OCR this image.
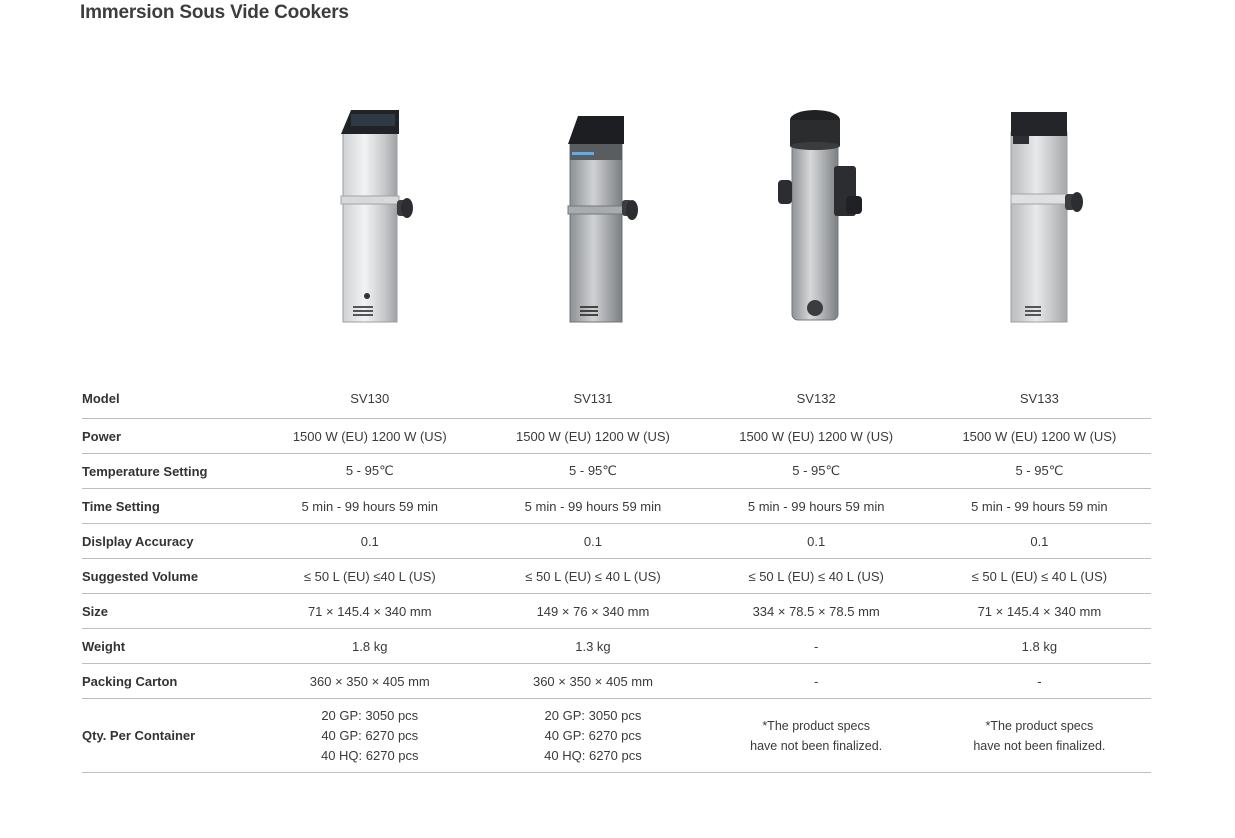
Immersion Sous Vide Cookers
Model	SV130	SV131	SV132	SV133
Power	1500 W (EU) 1200 W (US)	1500 W (EU) 1200 W (US)	1500 W (EU) 1200 W (US)	1500 W (EU) 1200 W (US)
Temperature Setting	5 - 95℃	5 - 95℃	5 - 95℃	5 - 95℃
Time Setting	5 min - 99 hours 59 min	5 min - 99 hours 59 min	5 min - 99 hours 59 min	5 min - 99 hours 59 min
Dislplay Accuracy	0.1	0.1	0.1	0.1
Suggested Volume	≤ 50 L (EU) ≤40 L (US)	≤ 50 L (EU) ≤ 40 L (US)	≤ 50 L (EU) ≤ 40 L (US)	≤ 50 L (EU) ≤ 40 L (US)
Size	71 × 145.4 × 340 mm	149 × 76 × 340 mm	334 × 78.5 × 78.5 mm	71 × 145.4 × 340 mm
Weight	1.8 kg	1.3 kg	-	1.8 kg
Packing Carton	360 × 350 × 405 mm	360 × 350 × 405 mm	-	-
Qty. Per Container	20 GP: 3050 pcs
40 GP: 6270 pcs
40 HQ: 6270 pcs	20 GP: 3050 pcs
40 GP: 6270 pcs
40 HQ: 6270 pcs	*The product specs
have not been finalized.	*The product specs
have not been finalized.
